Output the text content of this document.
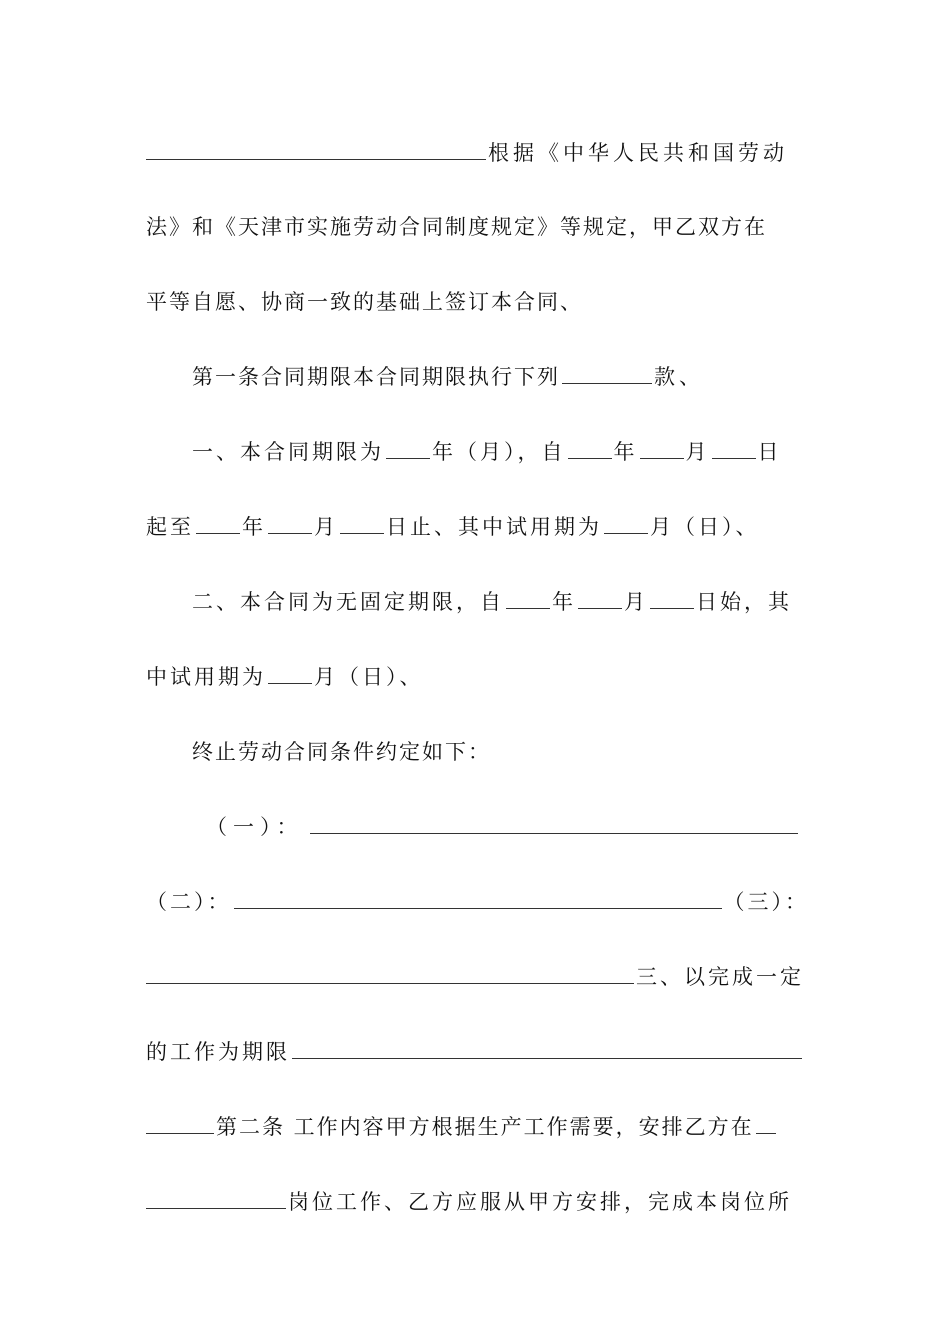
根据《中华人民共和国劳动
法》和《天津市实施劳动合同制度规定》等规定，甲乙双方在
平等自愿、协商一致的基础上签订本合同、
第一条合同期限本合同期限执行下列	款、
一、本合同期限为 年（月），自 年 月 日
起至 年 月 日止、其中试用期为 月（日）、
二、本合同为无固定期限，自 年 月 日始，其
中试用期为 月（日）、
终止劳动合同条件约定如下：
（一）：
（二）：	（三）：
三、以完成一定
的工作为期限
第二条 工作内容甲方根据生产工作需要，安排乙方在
岗位工作、乙方应服从甲方安排，完成本岗位所
